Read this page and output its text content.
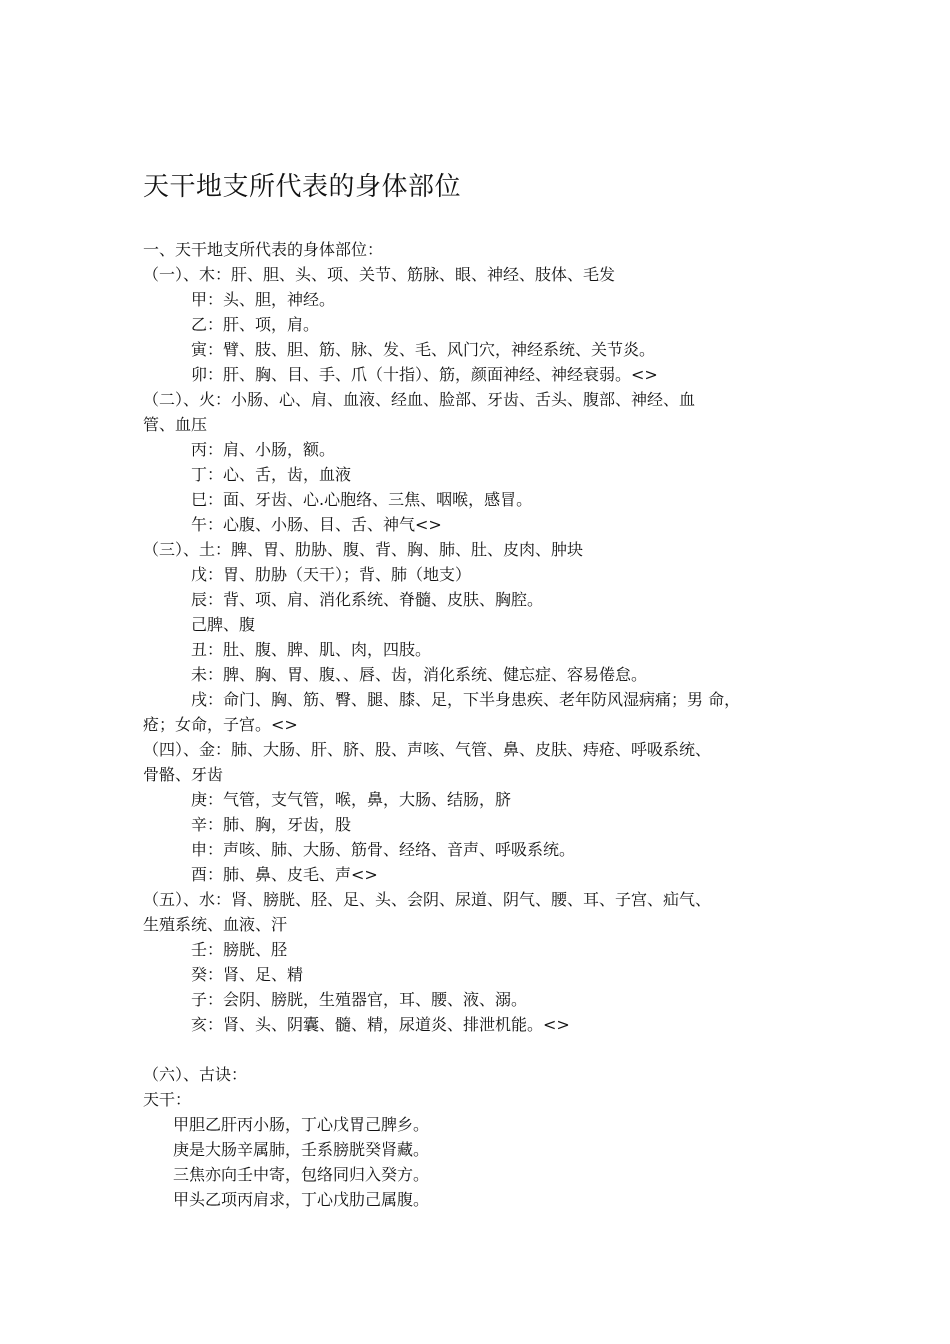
天干地支所代表的身体部位
一、天干地支所代表的身体部位：
（一）、木：肝、胆、头、项、关节、筋脉、眼、神经、肢体、毛发
甲：头、胆，神经。
乙：肝、项，肩。
寅：臂、肢、胆、筋、脉、发、毛、风门穴，神经系统、关节炎。
卯：肝、胸、目、手、爪（十指）、筋，颜面神经、神经衰弱。<>
（二）、火：小肠、心、肩、血液、经血、脸部、牙齿、舌头、腹部、神经、血
管、血压
丙：肩、小肠，额。
丁：心、舌，齿，血液
巳：面、牙齿、心.心胞络、三焦、咽喉，感冒。
午：心腹、小肠、目、舌、神气<>
（三）、土：脾、胃、肋胁、腹、背、胸、肺、肚、皮肉、肿块
戊：胃、肋胁（天干）；背、肺（地支）
辰：背、项、肩、消化系统、脊髓、皮肤、胸腔。
己脾、腹
丑：肚、腹、脾、肌、肉，四肢。
未：脾、胸、胃、腹、、唇、齿，消化系统、健忘症、容易倦怠。
戌：命门、胸、筋、臀、腿、膝、足，下半身患疾、老年防风湿病痛；男 命，
疮；女命，子宫。<>
（四）、金：肺、大肠、肝、脐、股、声咳、气管、鼻、皮肤、痔疮、呼吸系统、
骨骼、牙齿
庚：气管，支气管，喉，鼻，大肠、结肠，脐
辛：肺、胸，牙齿，股
申：声咳、肺、大肠、筋骨、经络、音声、呼吸系统。
酉：肺、鼻、皮毛、声<>
（五）、水：肾、膀胱、胫、足、头、会阴、尿道、阴气、腰、耳、子宫、疝气、
生殖系统、血液、汗
壬：膀胱、胫
癸：肾、足、精
子：会阴、膀胱，生殖器官，耳、腰、液、溺。
亥：肾、头、阴囊、髓、精，尿道炎、排泄机能。<>
（六）、古诀：
天干：
甲胆乙肝丙小肠，丁心戊胃己脾乡。
庚是大肠辛属肺，壬系膀胱癸肾藏。
三焦亦向壬中寄，包络同归入癸方。
甲头乙项丙肩求，丁心戊肋己属腹。
